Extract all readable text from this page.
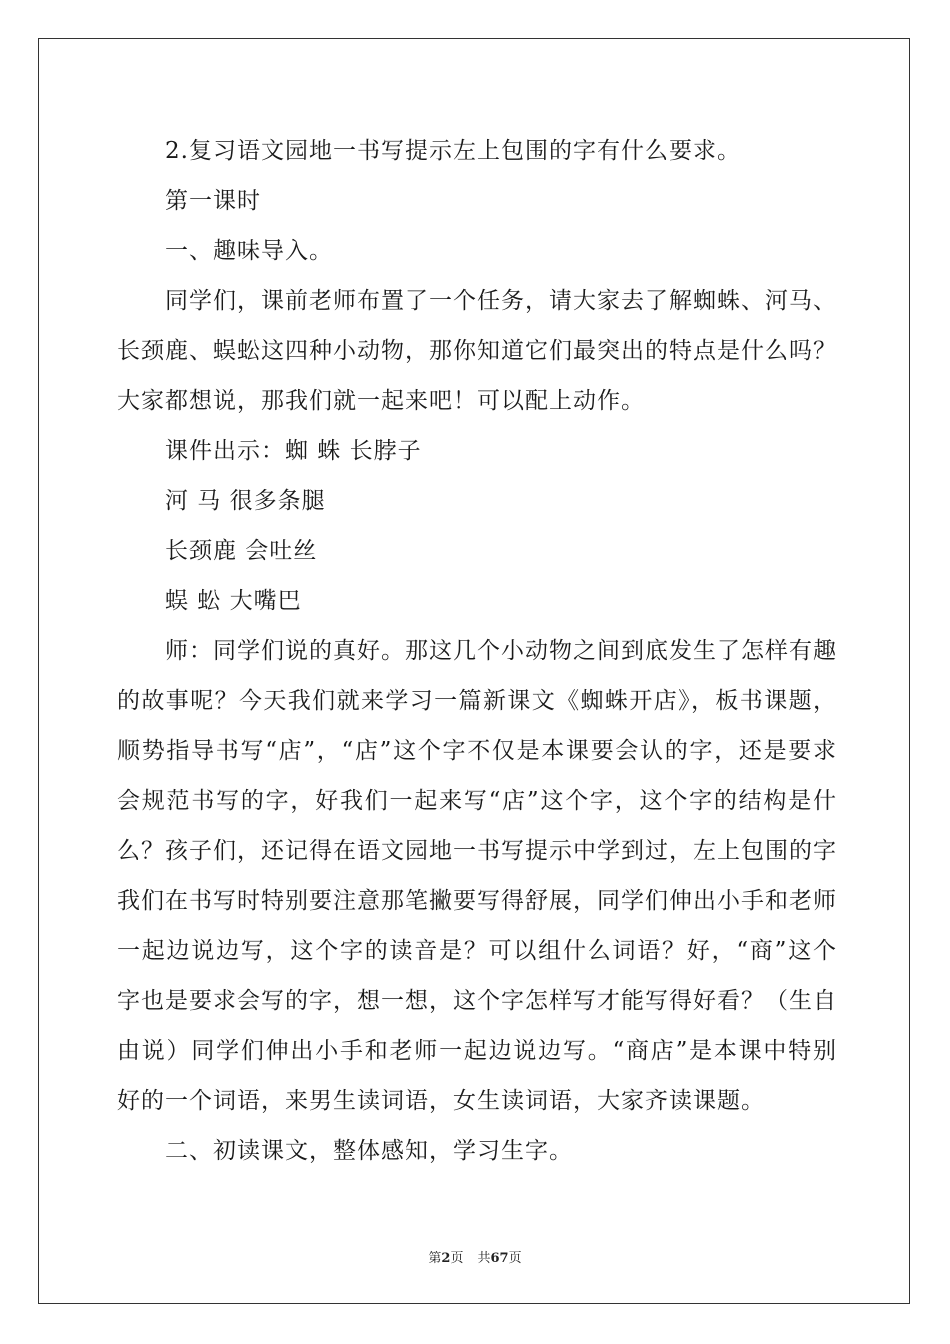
2.复习语文园地一书写提示左上包围的字有什么要求。

第一课时

一、趣味导入。

同学们，课前老师布置了一个任务，请大家去了解蜘蛛、河马、长颈鹿、蜈蚣这四种小动物，那你知道它们最突出的特点是什么吗？大家都想说，那我们就一起来吧！可以配上动作。

课件出示：蜘 蛛 长脖子

河 马 很多条腿

长颈鹿 会吐丝

蜈 蚣 大嘴巴

师：同学们说的真好。那这几个小动物之间到底发生了怎样有趣的故事呢？今天我们就来学习一篇新课文《蜘蛛开店》，板书课题，顺势指导书写“店”，“店”这个字不仅是本课要会认的字，还是要求会规范书写的字，好我们一起来写“店”这个字，这个字的结构是什么？孩子们，还记得在语文园地一书写提示中学到过，左上包围的字我们在书写时特别要注意那笔撇要写得舒展，同学们伸出小手和老师一起边说边写，这个字的读音是？可以组什么词语？好，“商”这个字也是要求会写的字，想一想，这个字怎样写才能写得好看？（生自由说）同学们伸出小手和老师一起边说边写。“商店”是本课中特别好的一个词语，来男生读词语，女生读词语，大家齐读课题。

二、初读课文，整体感知，学习生字。

第2页 共67页
